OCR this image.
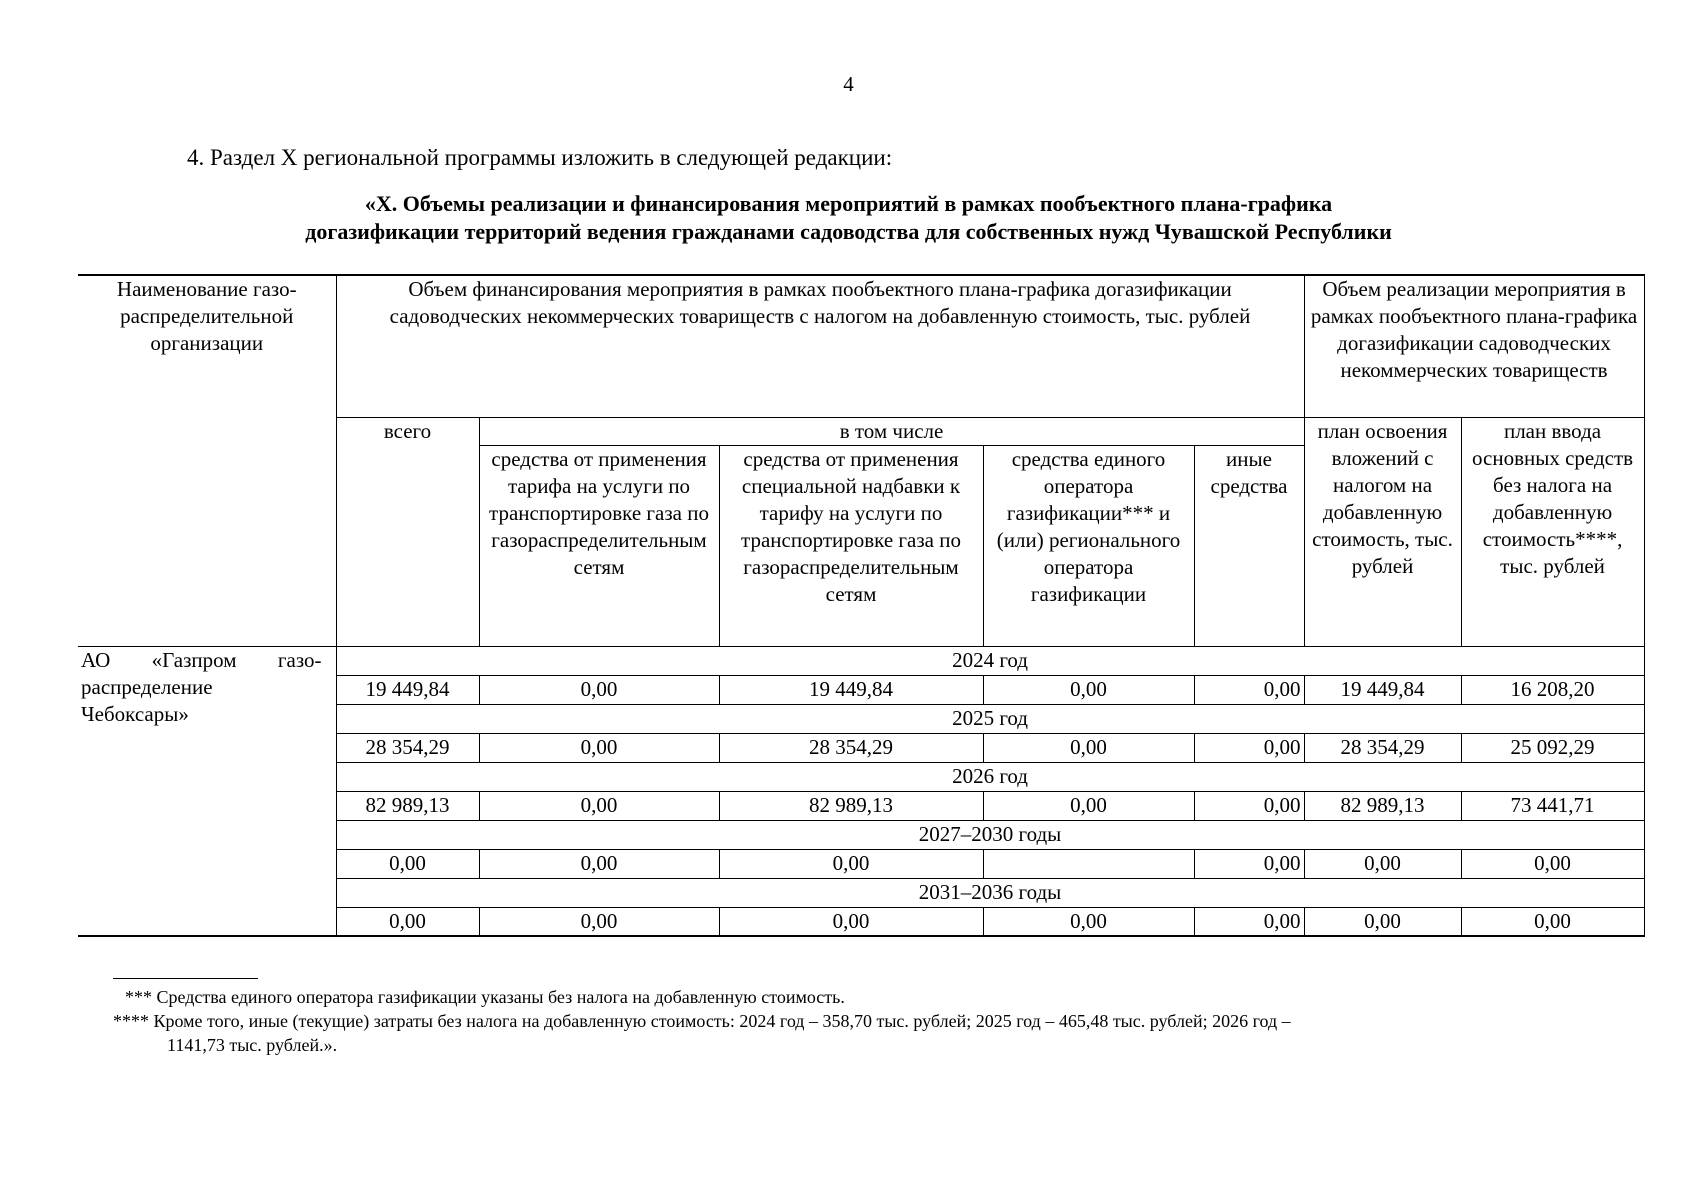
4
4. Раздел X региональной программы изложить в следующей редакции:
«X. Объемы реализации и финансирования мероприятий в рамках пообъектного плана-графика
догазификации территорий ведения гражданами садоводства для собственных нужд Чувашской Республики
Наименование газо-распределительной организации	Объем финансирования мероприятия в рамках пообъектного плана-графика догазификации садоводческих некоммерческих товариществ с налогом на добавленную стоимость, тыс. рублей					Объем реализации мероприятия в рамках пообъектного плана-графика догазификации садоводческих некоммерческих товариществ	
	всего	в том числе				план освоения вложений с налогом на добавленную стоимость, тыс. рублей	план ввода основных средств без налога на добавленную стоимость****, тыс. рублей
		средства от применения тарифа на услуги по транспортировке газа по газораспределительным сетям	средства от применения специальной надбавки к тарифу на услуги по транспортировке газа по газораспределительным сетям	средства единого оператора газификации*** и (или) регионального оператора газификации	иные средства		
АО «Газпром газо-распределение Чебоксары»	2024 год						
	19 449,84	0,00	19 449,84	0,00	0,00	19 449,84	16 208,20
	2025 год						
	28 354,29	0,00	28 354,29	0,00	0,00	28 354,29	25 092,29
	2026 год						
	82 989,13	0,00	82 989,13	0,00	0,00	82 989,13	73 441,71
	2027–2030 годы						
	0,00	0,00	0,00		0,00	0,00	0,00
	2031–2036 годы						
	0,00	0,00	0,00	0,00	0,00	0,00	0,00

*** Средства единого оператора газификации указаны без налога на добавленную стоимость.

**** Кроме того, иные (текущие) затраты без налога на добавленную стоимость: 2024 год – 358,70 тыс. рублей; 2025 год – 465,48 тыс. рублей; 2026 год –

1141,73 тыс. рублей.».
